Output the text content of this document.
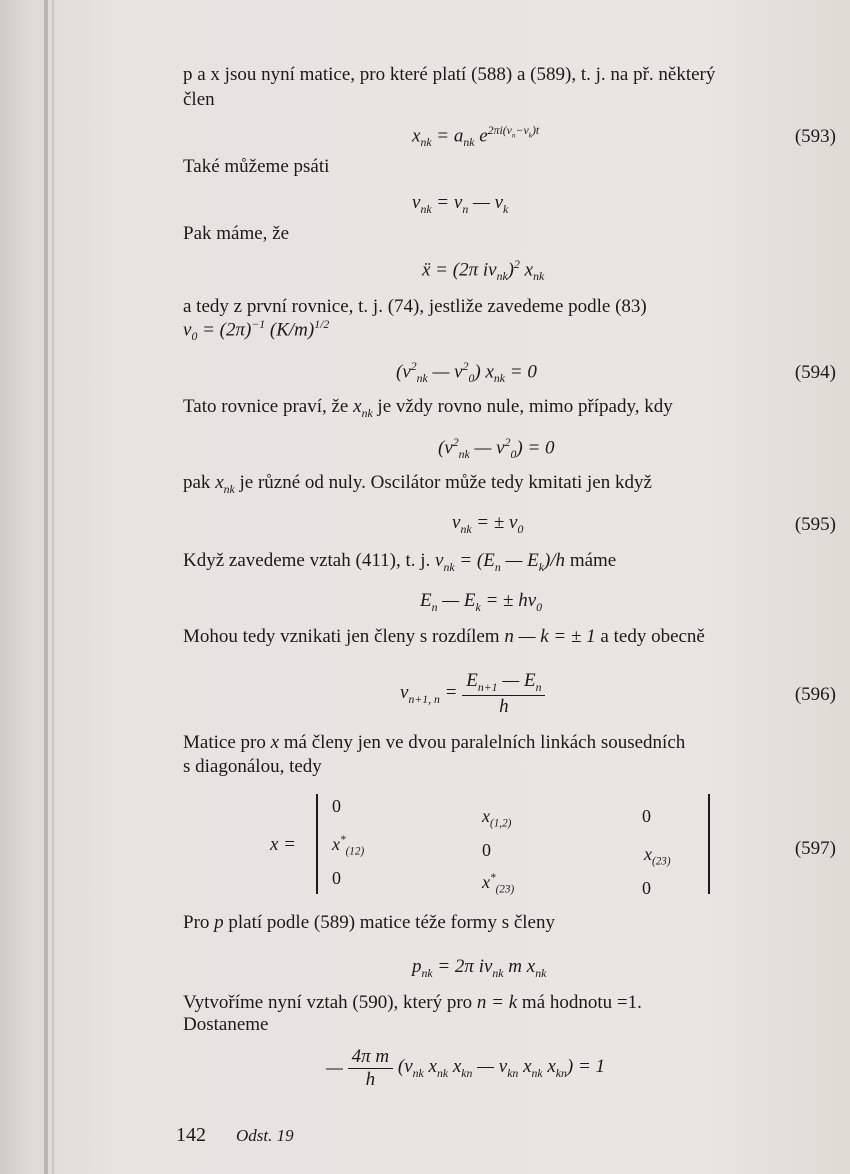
p a x jsou nyní matice, pro které platí (588) a (589), t. j. na př. některý
člen
$x_{nk} = a_{nk}$ $e^{2\pi i(\nu_n-\nu_k)t}$	(593)
Také můžeme psáti
$\nu_{nk} = \nu_n$ — $\nu_k$
Pak máme, že
ẍ = (2π $i\nu_{nk})^2$ $x_{nk}$
a tedy z první rovnice, t. j. (74), jestliže zavedeme podle (83)
$\nu_0 = (2\pi)^{-1}$ $(K/m)^{1/2}$
($\nu^2_{nk}$ — $\nu^2_0$) $x_{nk} = 0$	(594)
Tato rovnice praví, že $x_{nk}$ je vždy rovno nule, mimo případy, kdy
($\nu^2_{nk}$ — $\nu^2_0) = 0$
pak $x_{nk}$ je různé od nuly. Oscilátor může tedy kmitati jen když
$\nu_{nk}$ = ± $\nu_0$	(595)
Když zavedeme vztah (411), t. j. $\nu_{nk} = (E_n$ — $E_k)/h$ máme
$E_n$ — $E_k$ = ± $h\nu_0$
Mohou tedy vznikati jen členy s rozdílem n — k = ± 1 a tedy obecně
$\nu_{n+1, n} = \frac{E_{n+1} — E_n}{h}$	(596)
Matice pro x má členy jen ve dvou paralelních linkách sousedních
s diagonálou, tedy
x =
0	$x_{(1,2)}$	0
$x^*_{(12)}$	0	$x_{(23)}$
0	$x^*_{(23)}$	0
(597)
Pro p platí podle (589) matice téže formy s členy
$p_{nk} = 2\pi$ $i\nu_{nk}$ m $x_{nk}$
Vytvoříme nyní vztah (590), který pro n = k má hodnotu =1.
Dostaneme
— $\frac{\text{4π m}}{h} (\nu_{nk}$ $x_{nk}$ $x_{kn}$ — $\nu_{kn}$ $x_{nk}$ $x_{kn}) = 1$
142 Odst. 19
